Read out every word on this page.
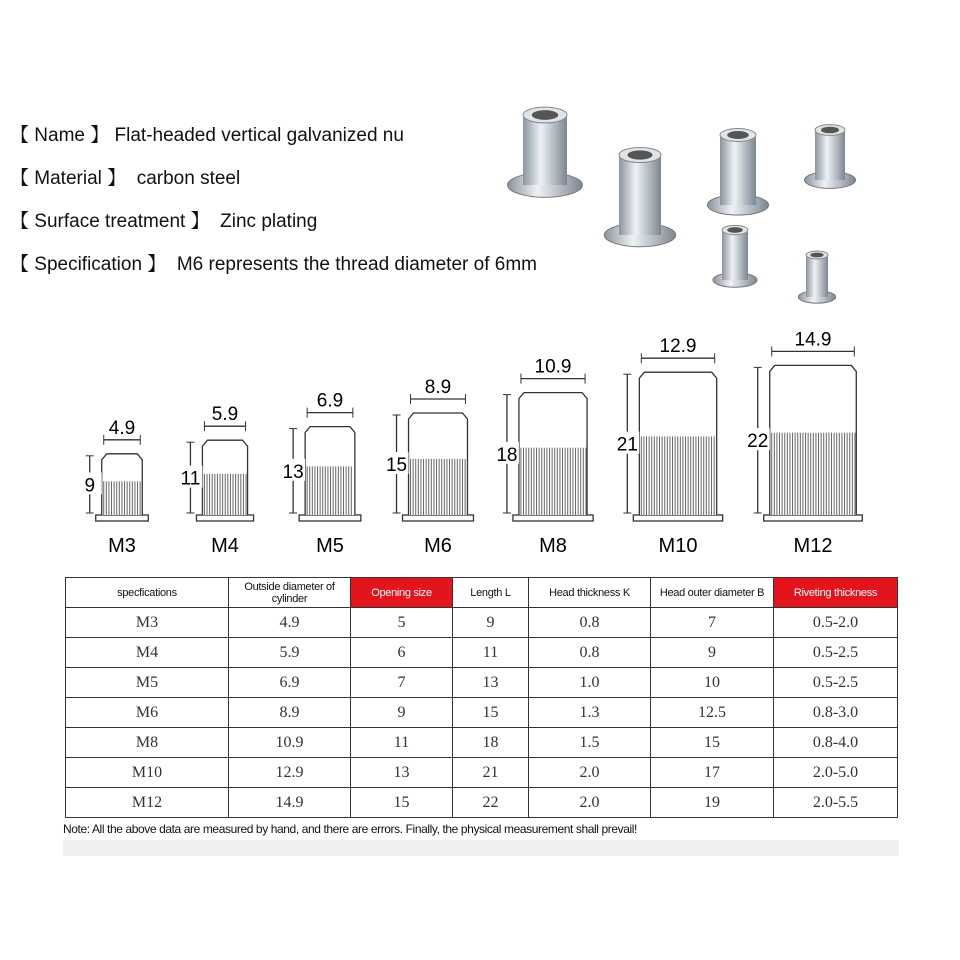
【 Name 】 Flat-headed vertical galvanized nu
【 Material 】 carbon steel
【 Surface treatment 】 Zinc plating
【 Specification 】 M6 represents the thread diameter of 6mm
4.9
9
M3
5.9
11
M4
6.9
13
M5
8.9
15
M6
10.9
18
M8
12.9
21
M10
14.9
22
M12
specfications	Outside diameter of cylinder	Opening size	Length L	Head thickness K	Head outer diameter B	Riveting thickness
M3	4.9	5	9	0.8	7	0.5-2.0
M4	5.9	6	11	0.8	9	0.5-2.5
M5	6.9	7	13	1.0	10	0.5-2.5
M6	8.9	9	15	1.3	12.5	0.8-3.0
M8	10.9	11	18	1.5	15	0.8-4.0
M10	12.9	13	21	2.0	17	2.0-5.0
M12	14.9	15	22	2.0	19	2.0-5.5
Note: All the above data are measured by hand, and there are errors. Finally, the physical measurement shall prevail!
